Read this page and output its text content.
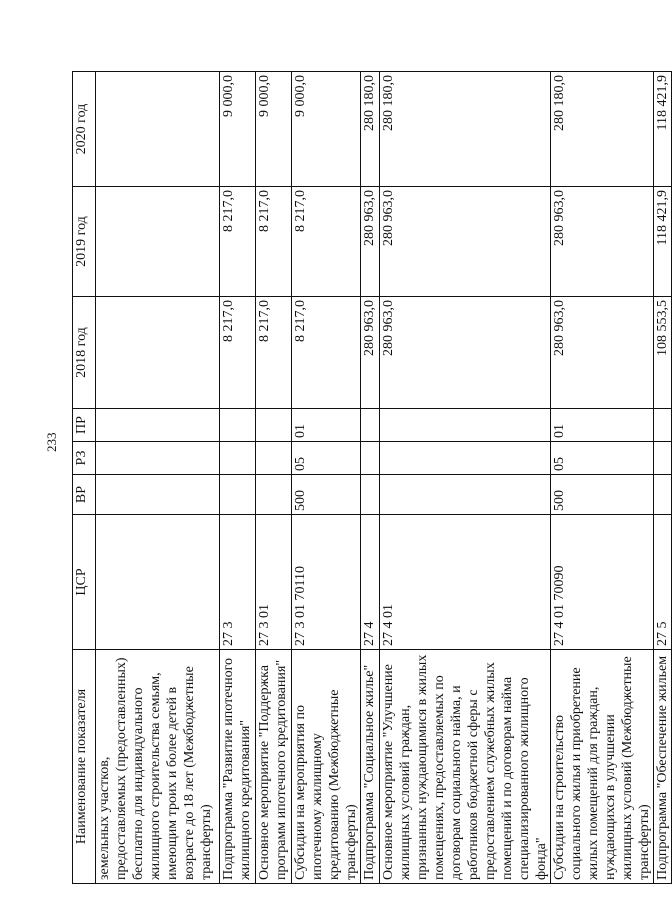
233
Наименование показателя	ЦСР	ВР	РЗ	ПР	2018 год	2019 год	2020 год
земельных участков, предоставляемых (предоставленных) бесплатно для индивидуального жилищного строительства семьям, имеющим троих и более детей в возрасте до 18 лет (Межбюджетные трансферты)							
Подпрограмма "Развитие ипотечного жилищного кредитования"	27 3				8 217,0	8 217,0	9 000,0
Основное мероприятие "Поддержка программ ипотечного кредитования"	27 3 01				8 217,0	8 217,0	9 000,0
Субсидии на мероприятия по ипотечному жилищному кредитованию (Межбюджетные трансферты)	27 3 01 70110	500	05	01	8 217,0	8 217,0	9 000,0
Подпрограмма "Социальное жилье"	27 4				280 963,0	280 963,0	280 180,0
Основное мероприятие "Улучшение жилищных условий граждан, признанных нуждающимися в жилых помещениях, предоставляемых по договорам социального найма, и работников бюджетной сферы с предоставлением служебных жилых помещений и по договорам найма специализированного жилищного фонда"	27 4 01				280 963,0	280 963,0	280 180,0
Субсидии на строительство социального жилья и приобретение жилых помещений для граждан, нуждающихся в улучшении жилищных условий (Межбюджетные трансферты)	27 4 01 70090	500	05	01	280 963,0	280 963,0	280 180,0
Подпрограмма "Обеспечение жильем	27 5				108 553,5	118 421,9	118 421,9
